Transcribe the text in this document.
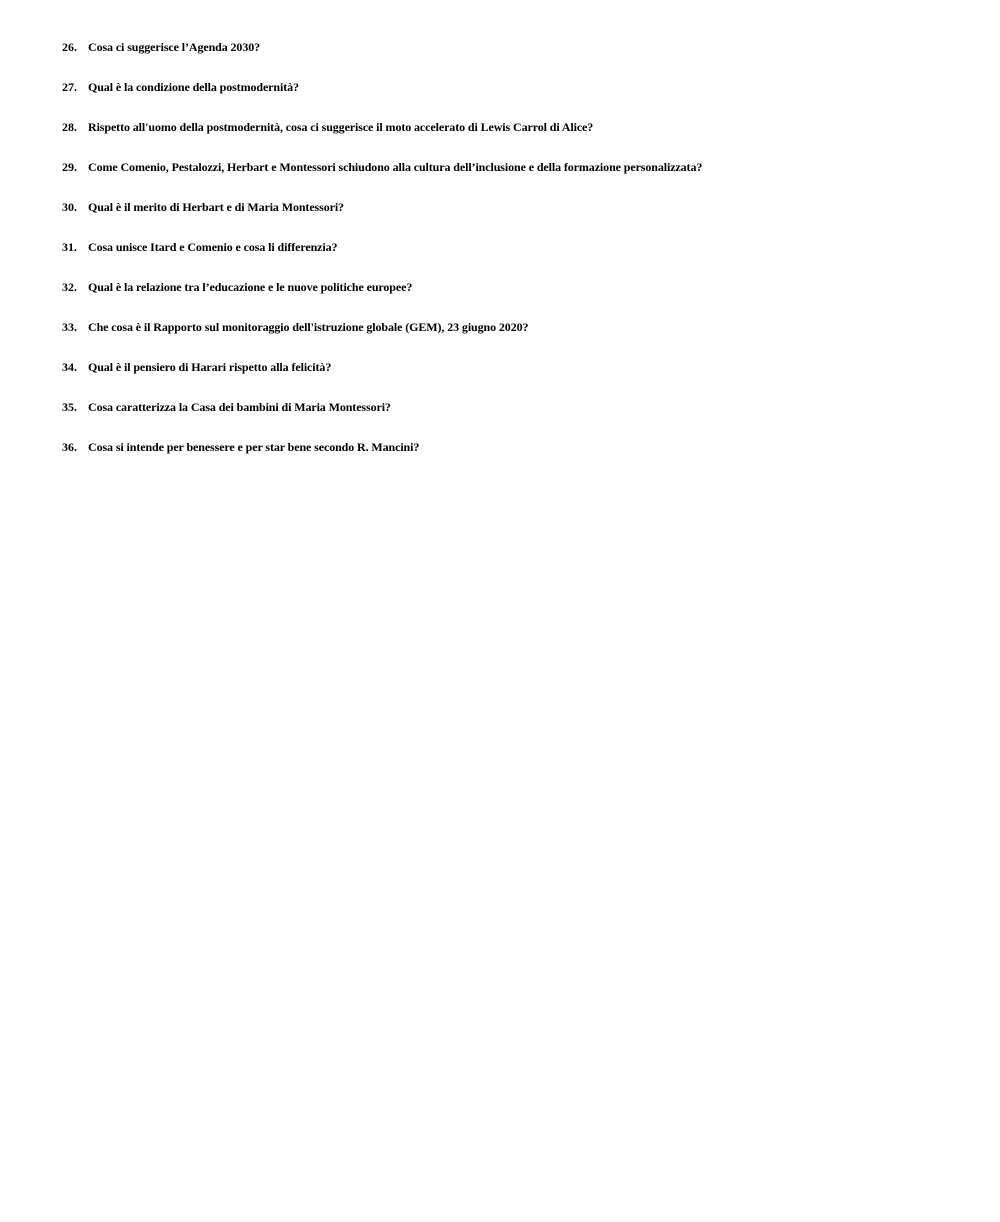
26. Cosa ci suggerisce l’Agenda 2030?
27. Qual è la condizione della postmodernità?
28. Rispetto all'uomo della postmodernità, cosa ci suggerisce il moto accelerato di Lewis Carrol di Alice?
29. Come Comenio, Pestalozzi, Herbart e Montessori schiudono alla cultura dell’inclusione e della formazione personalizzata?
30. Qual è il merito di Herbart e di Maria Montessori?
31. Cosa unisce Itard e Comenio e cosa li differenzia?
32. Qual è la relazione tra l’educazione e le nuove politiche europee?
33. Che cosa è il Rapporto sul monitoraggio dell'istruzione globale (GEM), 23 giugno 2020?
34. Qual è il pensiero di Harari rispetto alla felicità?
35. Cosa caratterizza la Casa dei bambini di Maria Montessori?
36. Cosa si intende per benessere e per star bene secondo R. Mancini?
